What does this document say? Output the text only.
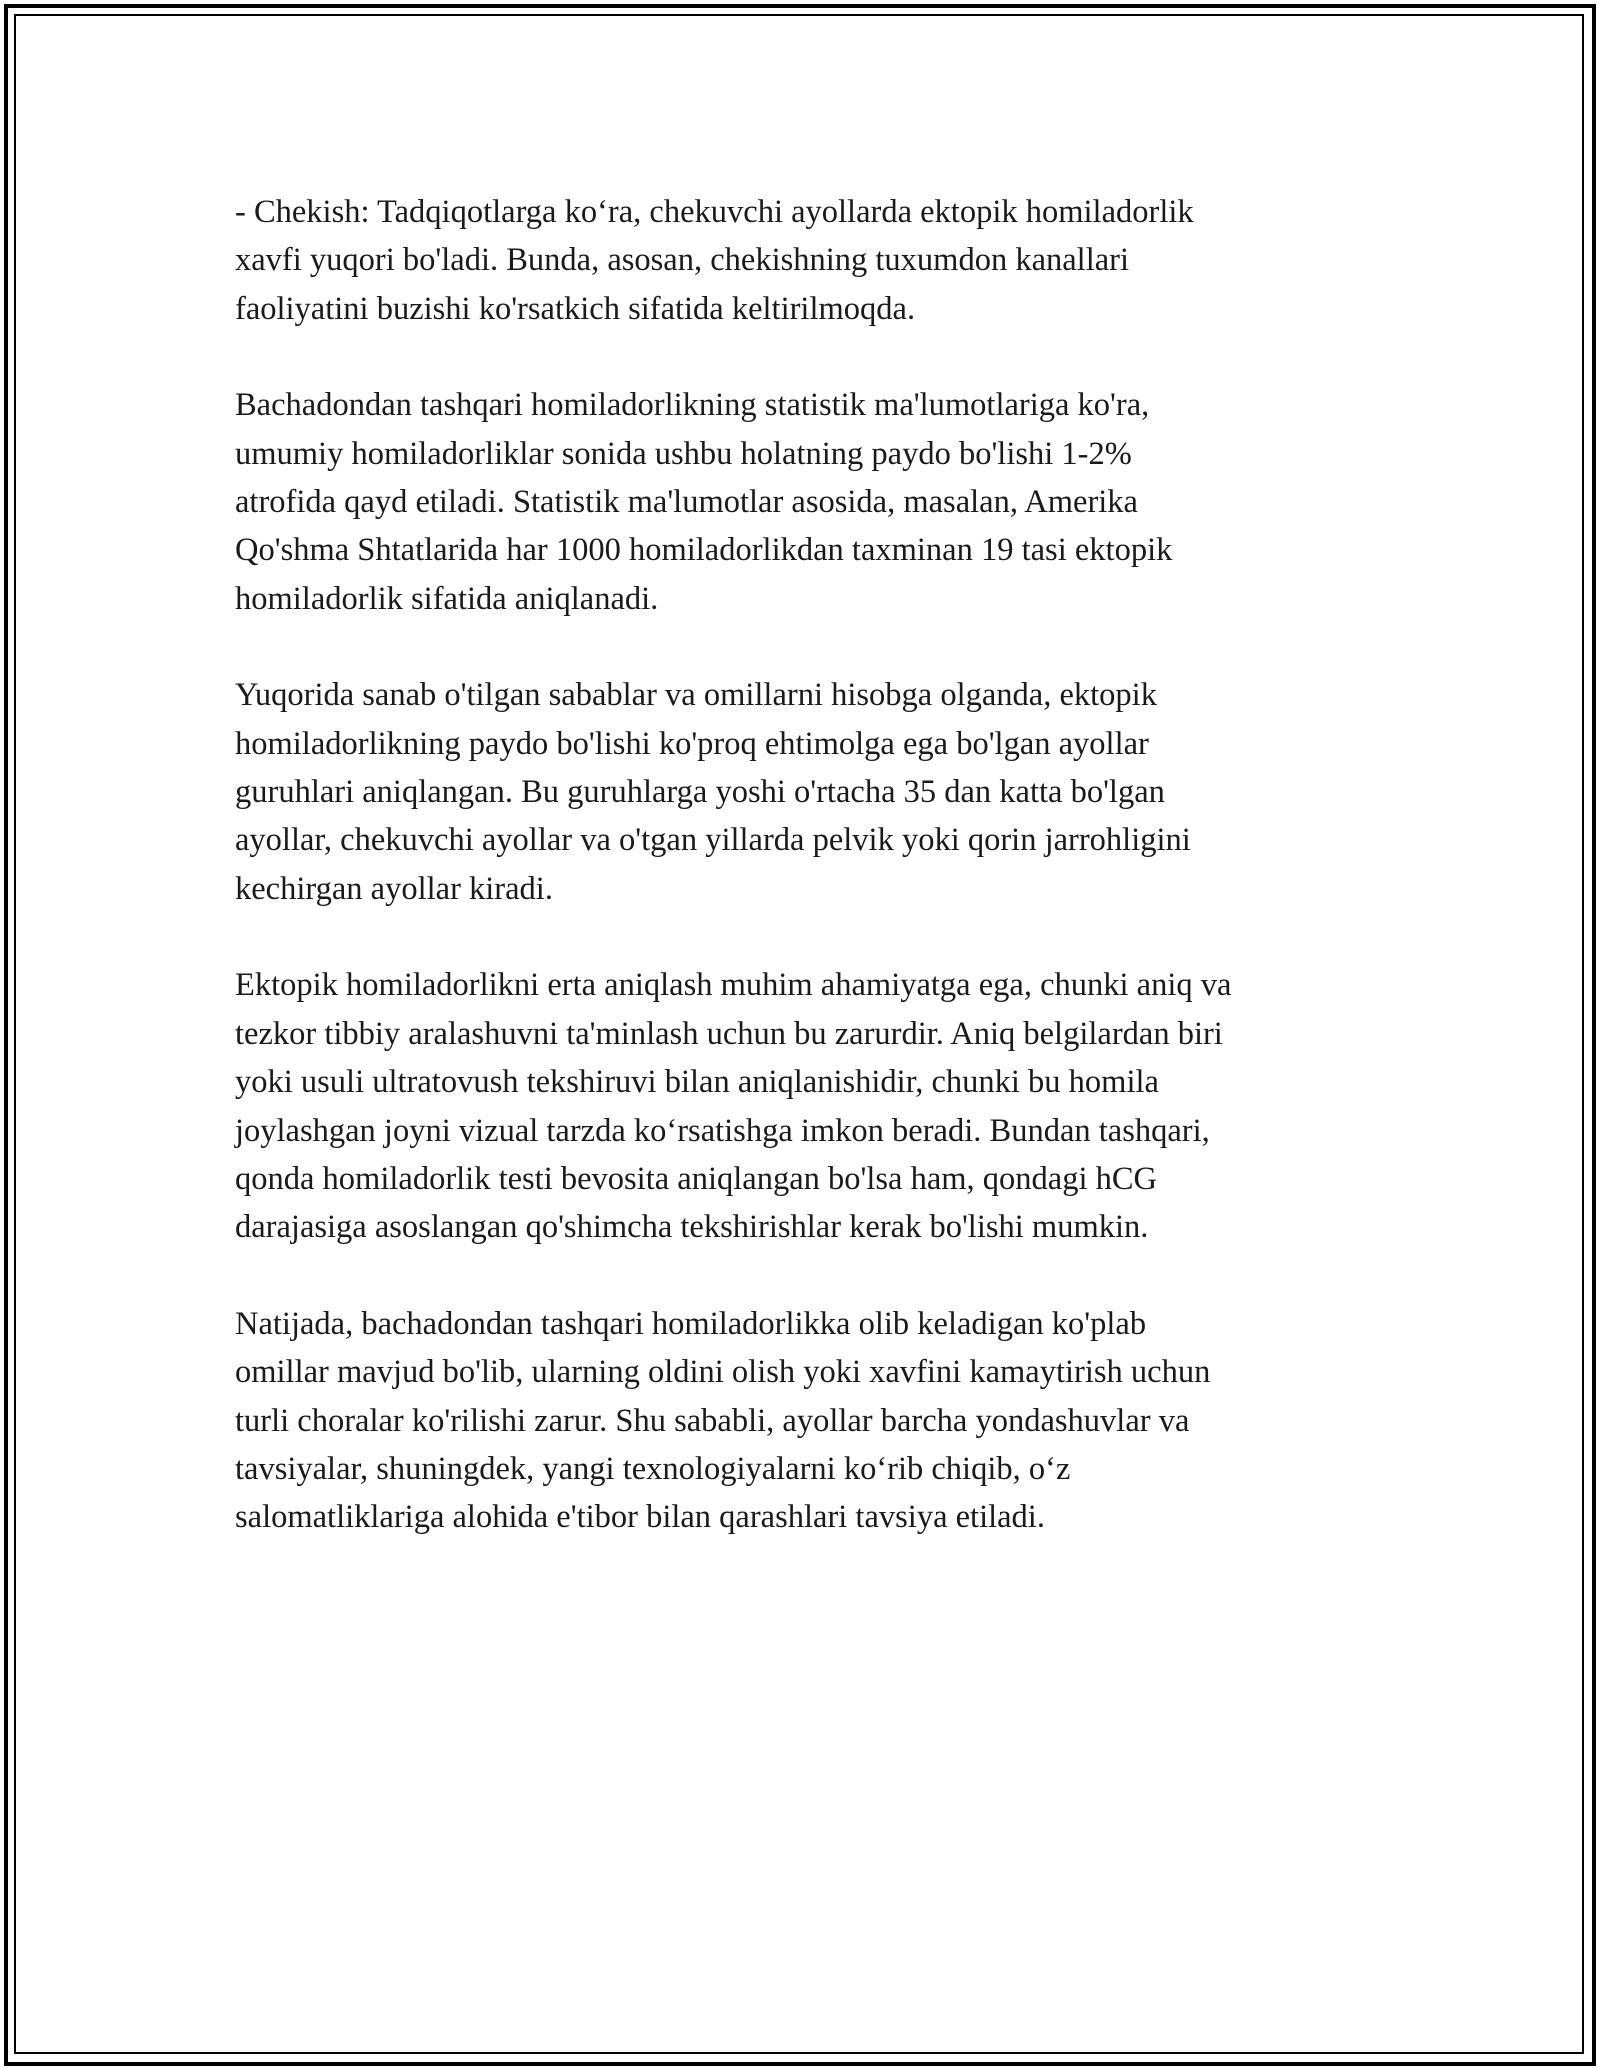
- Chekish: Tadqiqotlarga ko‘ra, chekuvchi ayollarda ektopik homiladorlik
xavfi yuqori bo'ladi. Bunda, asosan, chekishning tuxumdon kanallari
faoliyatini buzishi ko'rsatkich sifatida keltirilmoqda.

Bachadondan tashqari homiladorlikning statistik ma'lumotlariga ko'ra,
umumiy homiladorliklar sonida ushbu holatning paydo bo'lishi 1-2%
atrofida qayd etiladi. Statistik ma'lumotlar asosida, masalan, Amerika
Qo'shma Shtatlarida har 1000 homiladorlikdan taxminan 19 tasi ektopik
homiladorlik sifatida aniqlanadi.

Yuqorida sanab o'tilgan sabablar va omillarni hisobga olganda, ektopik
homiladorlikning paydo bo'lishi ko'proq ehtimolga ega bo'lgan ayollar
guruhlari aniqlangan. Bu guruhlarga yoshi o'rtacha 35 dan katta bo'lgan
ayollar, chekuvchi ayollar va o'tgan yillarda pelvik yoki qorin jarrohligini
kechirgan ayollar kiradi.

Ektopik homiladorlikni erta aniqlash muhim ahamiyatga ega, chunki aniq va
tezkor tibbiy aralashuvni ta'minlash uchun bu zarurdir. Aniq belgilardan biri
yoki usuli ultratovush tekshiruvi bilan aniqlanishidir, chunki bu homila
joylashgan joyni vizual tarzda ko‘rsatishga imkon beradi. Bundan tashqari,
qonda homiladorlik testi bevosita aniqlangan bo'lsa ham, qondagi hCG
darajasiga asoslangan qo'shimcha tekshirishlar kerak bo'lishi mumkin.

Natijada, bachadondan tashqari homiladorlikka olib keladigan ko'plab
omillar mavjud bo'lib, ularning oldini olish yoki xavfini kamaytirish uchun
turli choralar ko'rilishi zarur. Shu sababli, ayollar barcha yondashuvlar va
tavsiyalar, shuningdek, yangi texnologiyalarni ko‘rib chiqib, o‘z
salomatliklariga alohida e'tibor bilan qarashlari tavsiya etiladi.
